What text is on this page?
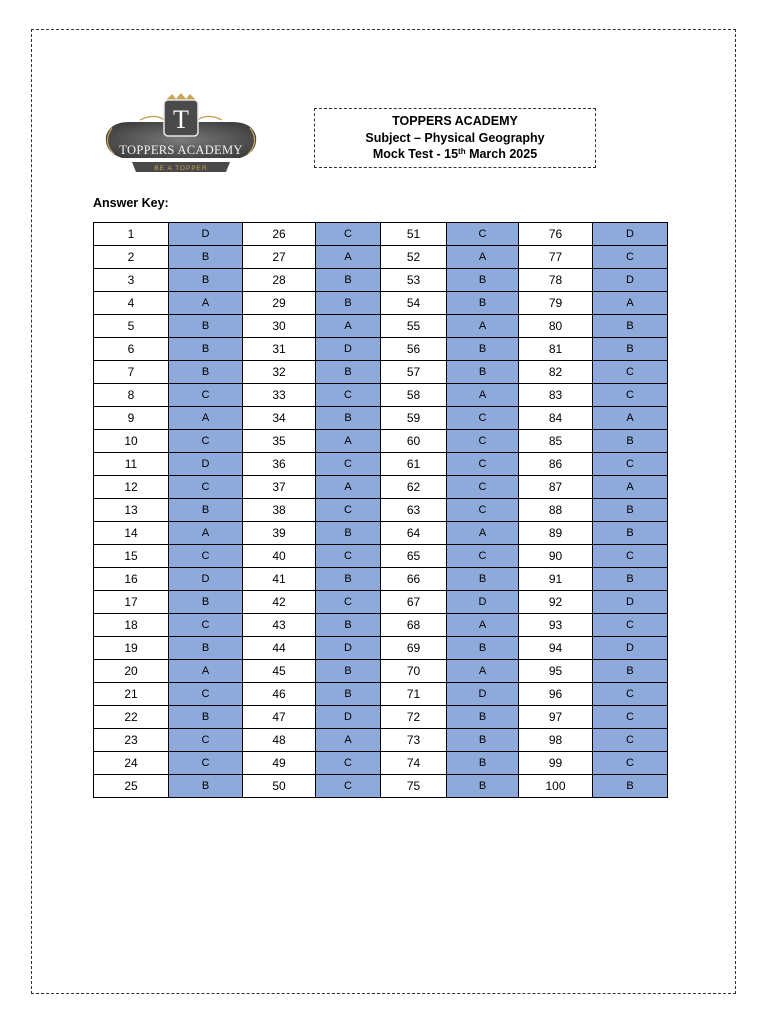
T
TOPPERS ACADEMY
BE A TOPPER
TOPPERS ACADEMY
Subject – Physical Geography
Mock Test - 15th March 2025
Answer Key:
1	D	26	C	51	C	76	D
2	B	27	A	52	A	77	C
3	B	28	B	53	B	78	D
4	A	29	B	54	B	79	A
5	B	30	A	55	A	80	B
6	B	31	D	56	B	81	B
7	B	32	B	57	B	82	C
8	C	33	C	58	A	83	C
9	A	34	B	59	C	84	A
10	C	35	A	60	C	85	B
11	D	36	C	61	C	86	C
12	C	37	A	62	C	87	A
13	B	38	C	63	C	88	B
14	A	39	B	64	A	89	B
15	C	40	C	65	C	90	C
16	D	41	B	66	B	91	B
17	B	42	C	67	D	92	D
18	C	43	B	68	A	93	C
19	B	44	D	69	B	94	D
20	A	45	B	70	A	95	B
21	C	46	B	71	D	96	C
22	B	47	D	72	B	97	C
23	C	48	A	73	B	98	C
24	C	49	C	74	B	99	C
25	B	50	C	75	B	100	B
